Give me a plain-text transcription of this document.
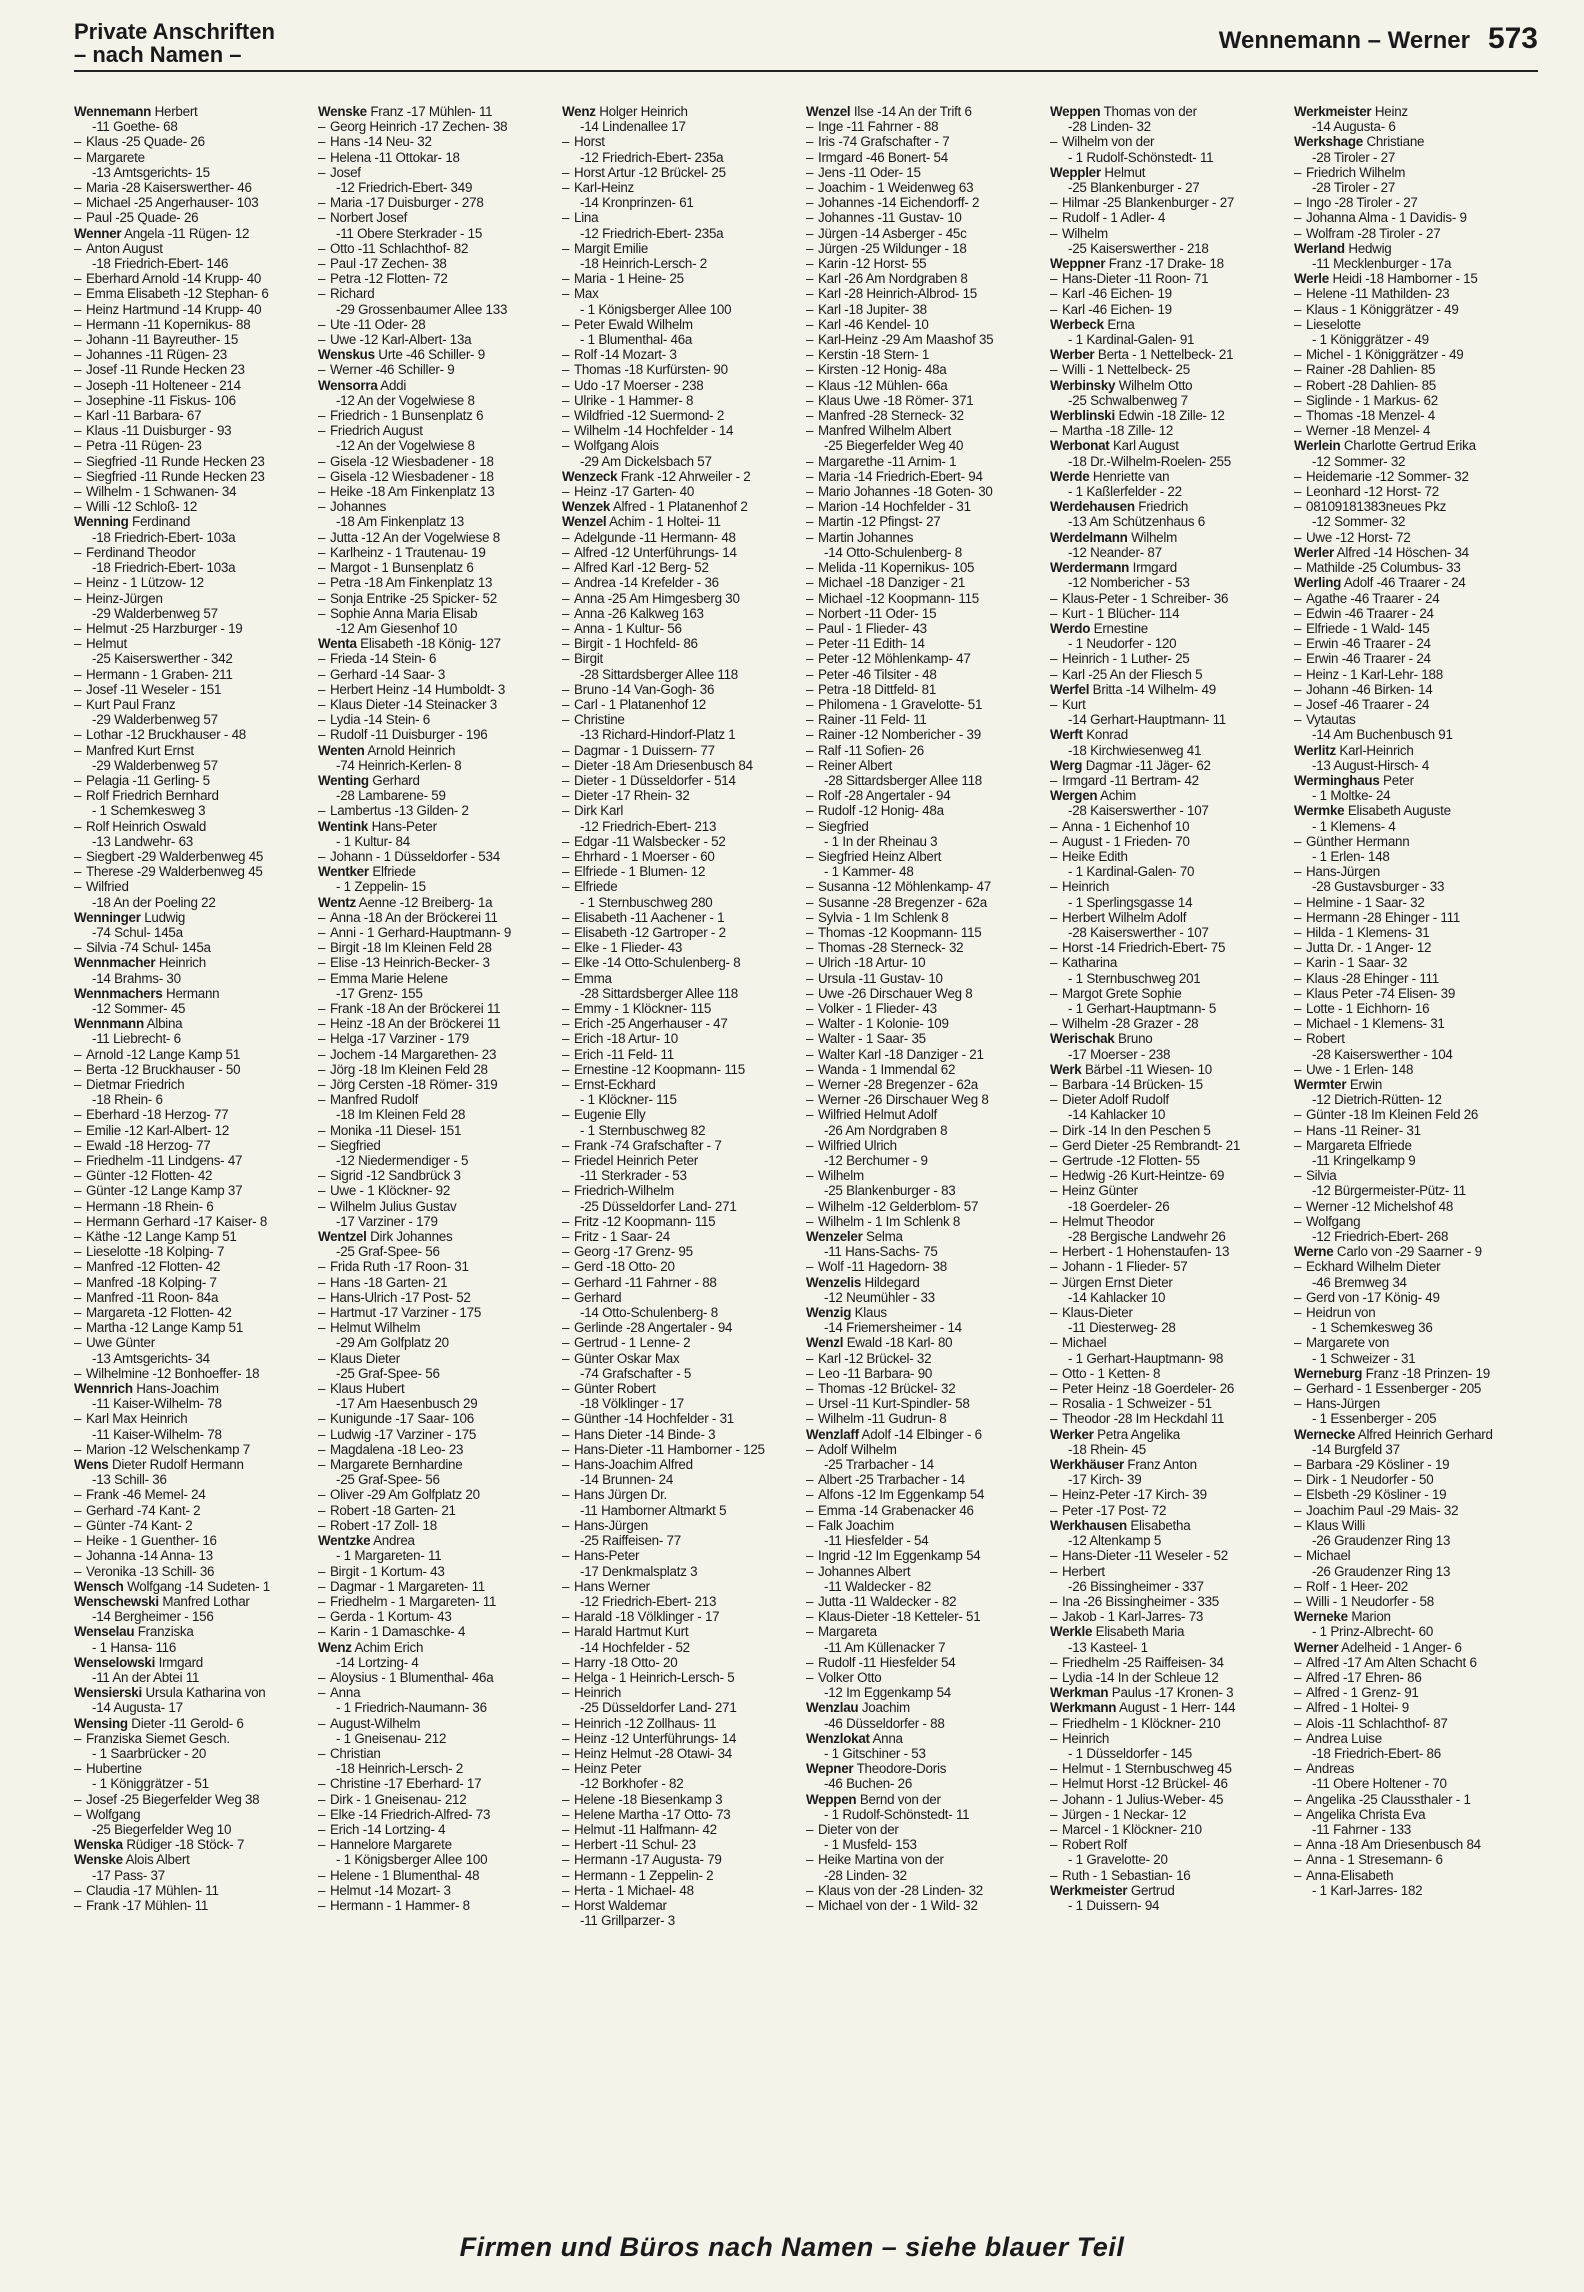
Private Anschriften
– nach Namen –
Wennemann – Werner 573
Wennemann Herbert
-11 Goethe- 68
– Klaus -25 Quade- 26
– Margarete
-13 Amtsgerichts- 15
– Maria -28 Kaiserswerther- 46
– Michael -25 Angerhauser- 103
– Paul -25 Quade- 26
Wenner Angela -11 Rügen- 12
– Anton August
-18 Friedrich-Ebert- 146
– Eberhard Arnold -14 Krupp- 40
– Emma Elisabeth -12 Stephan- 6
– Heinz Hartmund -14 Krupp- 40
– Hermann -11 Kopernikus- 88
– Johann -11 Bayreuther- 15
– Johannes -11 Rügen- 23
– Josef -11 Runde Hecken 23
– Joseph -11 Holteneer - 214
– Josephine -11 Fiskus- 106
– Karl -11 Barbara- 67
– Klaus -11 Duisburger - 93
– Petra -11 Rügen- 23
– Siegfried -11 Runde Hecken 23
– Siegfried -11 Runde Hecken 23
– Wilhelm - 1 Schwanen- 34
– Willi -12 Schloß- 12
Wenning Ferdinand
-18 Friedrich-Ebert- 103a
– Ferdinand Theodor
-18 Friedrich-Ebert- 103a
– Heinz - 1 Lützow- 12
– Heinz-Jürgen
-29 Walderbenweg 57
– Helmut -25 Harzburger - 19
– Helmut
-25 Kaiserswerther - 342
– Hermann - 1 Graben- 211
– Josef -11 Weseler - 151
– Kurt Paul Franz
-29 Walderbenweg 57
– Lothar -12 Bruckhauser - 48
– Manfred Kurt Ernst
-29 Walderbenweg 57
– Pelagia -11 Gerling- 5
– Rolf Friedrich Bernhard
- 1 Schemkesweg 3
– Rolf Heinrich Oswald
-13 Landwehr- 63
– Siegbert -29 Walderbenweg 45
– Therese -29 Walderbenweg 45
– Wilfried
-18 An der Poeling 22
Wenninger Ludwig
-74 Schul- 145a
– Silvia -74 Schul- 145a
Wennmacher Heinrich
-14 Brahms- 30
Wennmachers Hermann
-12 Sommer- 45
Wennmann Albina
-11 Liebrecht- 6
– Arnold -12 Lange Kamp 51
– Berta -12 Bruckhauser - 50
– Dietmar Friedrich
-18 Rhein- 6
– Eberhard -18 Herzog- 77
– Emilie -12 Karl-Albert- 12
– Ewald -18 Herzog- 77
– Friedhelm -11 Lindgens- 47
– Günter -12 Flotten- 42
– Günter -12 Lange Kamp 37
– Hermann -18 Rhein- 6
– Hermann Gerhard -17 Kaiser- 8
– Käthe -12 Lange Kamp 51
– Lieselotte -18 Kolping- 7
– Manfred -12 Flotten- 42
– Manfred -18 Kolping- 7
– Manfred -11 Roon- 84a
– Margareta -12 Flotten- 42
– Martha -12 Lange Kamp 51
– Uwe Günter
-13 Amtsgerichts- 34
– Wilhelmine -12 Bonhoeffer- 18
Wennrich Hans-Joachim
-11 Kaiser-Wilhelm- 78
– Karl Max Heinrich
-11 Kaiser-Wilhelm- 78
– Marion -12 Welschenkamp 7
Wens Dieter Rudolf Hermann
-13 Schill- 36
– Frank -46 Memel- 24
– Gerhard -74 Kant- 2
– Günter -74 Kant- 2
– Heike - 1 Guenther- 16
– Johanna -14 Anna- 13
– Veronika -13 Schill- 36
Wensch Wolfgang -14 Sudeten- 1
Wenschewski Manfred Lothar
-14 Bergheimer - 156
Wenselau Franziska
- 1 Hansa- 116
Wenselowski Irmgard
-11 An der Abtei 11
Wensierski Ursula Katharina von
-14 Augusta- 17
Wensing Dieter -11 Gerold- 6
– Franziska Siemet Gesch.
- 1 Saarbrücker - 20
– Hubertine
- 1 Königgrätzer - 51
– Josef -25 Biegerfelder Weg 38
– Wolfgang
-25 Biegerfelder Weg 10
Wenska Rüdiger -18 Stöck- 7
Wenske Alois Albert
-17 Pass- 37
– Claudia -17 Mühlen- 11
– Frank -17 Mühlen- 11
Wenske Franz -17 Mühlen- 11
– Georg Heinrich -17 Zechen- 38
– Hans -14 Neu- 32
– Helena -11 Ottokar- 18
– Josef
-12 Friedrich-Ebert- 349
– Maria -17 Duisburger - 278
– Norbert Josef
-11 Obere Sterkrader - 15
– Otto -11 Schlachthof- 82
– Paul -17 Zechen- 38
– Petra -12 Flotten- 72
– Richard
-29 Grossenbaumer Allee 133
– Ute -11 Oder- 28
– Uwe -12 Karl-Albert- 13a
Wenskus Urte -46 Schiller- 9
– Werner -46 Schiller- 9
Wensorra Addi
-12 An der Vogelwiese 8
– Friedrich - 1 Bunsenplatz 6
– Friedrich August
-12 An der Vogelwiese 8
– Gisela -12 Wiesbadener - 18
– Gisela -12 Wiesbadener - 18
– Heike -18 Am Finkenplatz 13
– Johannes
-18 Am Finkenplatz 13
– Jutta -12 An der Vogelwiese 8
– Karlheinz - 1 Trautenau- 19
– Margot - 1 Bunsenplatz 6
– Petra -18 Am Finkenplatz 13
– Sonja Entrike -25 Spicker- 52
– Sophie Anna Maria Elisab
-12 Am Giesenhof 10
Wenta Elisabeth -18 König- 127
– Frieda -14 Stein- 6
– Gerhard -14 Saar- 3
– Herbert Heinz -14 Humboldt- 3
– Klaus Dieter -14 Steinacker 3
– Lydia -14 Stein- 6
– Rudolf -11 Duisburger - 196
Wenten Arnold Heinrich
-74 Heinrich-Kerlen- 8
Wenting Gerhard
-28 Lambarene- 59
– Lambertus -13 Gilden- 2
Wentink Hans-Peter
- 1 Kultur- 84
– Johann - 1 Düsseldorfer - 534
Wentker Elfriede
- 1 Zeppelin- 15
Wentz Aenne -12 Breiberg- 1a
– Anna -18 An der Bröckerei 11
– Anni - 1 Gerhard-Hauptmann- 9
– Birgit -18 Im Kleinen Feld 28
– Elise -13 Heinrich-Becker- 3
– Emma Marie Helene
-17 Grenz- 155
– Frank -18 An der Bröckerei 11
– Heinz -18 An der Bröckerei 11
– Helga -17 Varziner - 179
– Jochem -14 Margarethen- 23
– Jörg -18 Im Kleinen Feld 28
– Jörg Cersten -18 Römer- 319
– Manfred Rudolf
-18 Im Kleinen Feld 28
– Monika -11 Diesel- 151
– Siegfried
-12 Niedermendiger - 5
– Sigrid -12 Sandbrück 3
– Uwe - 1 Klöckner- 92
– Wilhelm Julius Gustav
-17 Varziner - 179
Wentzel Dirk Johannes
-25 Graf-Spee- 56
– Frida Ruth -17 Roon- 31
– Hans -18 Garten- 21
– Hans-Ulrich -17 Post- 52
– Hartmut -17 Varziner - 175
– Helmut Wilhelm
-29 Am Golfplatz 20
– Klaus Dieter
-25 Graf-Spee- 56
– Klaus Hubert
-17 Am Haesenbusch 29
– Kunigunde -17 Saar- 106
– Ludwig -17 Varziner - 175
– Magdalena -18 Leo- 23
– Margarete Bernhardine
-25 Graf-Spee- 56
– Oliver -29 Am Golfplatz 20
– Robert -18 Garten- 21
– Robert -17 Zoll- 18
Wentzke Andrea
- 1 Margareten- 11
– Birgit - 1 Kortum- 43
– Dagmar - 1 Margareten- 11
– Friedhelm - 1 Margareten- 11
– Gerda - 1 Kortum- 43
– Karin - 1 Damaschke- 4
Wenz Achim Erich
-14 Lortzing- 4
– Aloysius - 1 Blumenthal- 46a
– Anna
- 1 Friedrich-Naumann- 36
– August-Wilhelm
- 1 Gneisenau- 212
– Christian
-18 Heinrich-Lersch- 2
– Christine -17 Eberhard- 17
– Dirk - 1 Gneisenau- 212
– Elke -14 Friedrich-Alfred- 73
– Erich -14 Lortzing- 4
– Hannelore Margarete
- 1 Königsberger Allee 100
– Helene - 1 Blumenthal- 48
– Helmut -14 Mozart- 3
– Hermann - 1 Hammer- 8
Wenz Holger Heinrich
-14 Lindenallee 17
– Horst
-12 Friedrich-Ebert- 235a
– Horst Artur -12 Brückel- 25
– Karl-Heinz
-14 Kronprinzen- 61
– Lina
-12 Friedrich-Ebert- 235a
– Margit Emilie
-18 Heinrich-Lersch- 2
– Maria - 1 Heine- 25
– Max
- 1 Königsberger Allee 100
– Peter Ewald Wilhelm
- 1 Blumenthal- 46a
– Rolf -14 Mozart- 3
– Thomas -18 Kurfürsten- 90
– Udo -17 Moerser - 238
– Ulrike - 1 Hammer- 8
– Wildfried -12 Suermond- 2
– Wilhelm -14 Hochfelder - 14
– Wolfgang Alois
-29 Am Dickelsbach 57
Wenzeck Frank -12 Ahrweiler - 2
– Heinz -17 Garten- 40
Wenzek Alfred - 1 Platanenhof 2
Wenzel Achim - 1 Holtei- 11
– Adelgunde -11 Hermann- 48
– Alfred -12 Unterführungs- 14
– Alfred Karl -12 Berg- 52
– Andrea -14 Krefelder - 36
– Anna -25 Am Himgesberg 30
– Anna -26 Kalkweg 163
– Anna - 1 Kultur- 56
– Birgit - 1 Hochfeld- 86
– Birgit
-28 Sittardsberger Allee 118
– Bruno -14 Van-Gogh- 36
– Carl - 1 Platanenhof 12
– Christine
-13 Richard-Hindorf-Platz 1
– Dagmar - 1 Duissern- 77
– Dieter -18 Am Driesenbusch 84
– Dieter - 1 Düsseldorfer - 514
– Dieter -17 Rhein- 32
– Dirk Karl
-12 Friedrich-Ebert- 213
– Edgar -11 Walsbecker - 52
– Ehrhard - 1 Moerser - 60
– Elfriede - 1 Blumen- 12
– Elfriede
- 1 Sternbuschweg 280
– Elisabeth -11 Aachener - 1
– Elisabeth -12 Gartroper - 2
– Elke - 1 Flieder- 43
– Elke -14 Otto-Schulenberg- 8
– Emma
-28 Sittardsberger Allee 118
– Emmy - 1 Klöckner- 115
– Erich -25 Angerhauser - 47
– Erich -18 Artur- 10
– Erich -11 Feld- 11
– Ernestine -12 Koopmann- 115
– Ernst-Eckhard
- 1 Klöckner- 115
– Eugenie Elly
- 1 Sternbuschweg 82
– Frank -74 Grafschafter - 7
– Friedel Heinrich Peter
-11 Sterkrader - 53
– Friedrich-Wilhelm
-25 Düsseldorfer Land- 271
– Fritz -12 Koopmann- 115
– Fritz - 1 Saar- 24
– Georg -17 Grenz- 95
– Gerd -18 Otto- 20
– Gerhard -11 Fahrner - 88
– Gerhard
-14 Otto-Schulenberg- 8
– Gerlinde -28 Angertaler - 94
– Gertrud - 1 Lenne- 2
– Günter Oskar Max
-74 Grafschafter - 5
– Günter Robert
-18 Völklinger - 17
– Günther -14 Hochfelder - 31
– Hans Dieter -14 Binde- 3
– Hans-Dieter -11 Hamborner - 125
– Hans-Joachim Alfred
-14 Brunnen- 24
– Hans Jürgen Dr.
-11 Hamborner Altmarkt 5
– Hans-Jürgen
-25 Raiffeisen- 77
– Hans-Peter
-17 Denkmalsplatz 3
– Hans Werner
-12 Friedrich-Ebert- 213
– Harald -18 Völklinger - 17
– Harald Hartmut Kurt
-14 Hochfelder - 52
– Harry -18 Otto- 20
– Helga - 1 Heinrich-Lersch- 5
– Heinrich
-25 Düsseldorfer Land- 271
– Heinrich -12 Zollhaus- 11
– Heinz -12 Unterführungs- 14
– Heinz Helmut -28 Otawi- 34
– Heinz Peter
-12 Borkhofer - 82
– Helene -18 Biesenkamp 3
– Helene Martha -17 Otto- 73
– Helmut -11 Halfmann- 42
– Herbert -11 Schul- 23
– Hermann -17 Augusta- 79
– Hermann - 1 Zeppelin- 2
– Herta - 1 Michael- 48
– Horst Waldemar
-11 Grillparzer- 3
Wenzel Ilse -14 An der Trift 6
– Inge -11 Fahrner - 88
– Iris -74 Grafschafter - 7
– Irmgard -46 Bonert- 54
– Jens -11 Oder- 15
– Joachim - 1 Weidenweg 63
– Johannes -14 Eichendorff- 2
– Johannes -11 Gustav- 10
– Jürgen -14 Asberger - 45c
– Jürgen -25 Wildunger - 18
– Karin -12 Horst- 55
– Karl -26 Am Nordgraben 8
– Karl -28 Heinrich-Albrod- 15
– Karl -18 Jupiter- 38
– Karl -46 Kendel- 10
– Karl-Heinz -29 Am Maashof 35
– Kerstin -18 Stern- 1
– Kirsten -12 Honig- 48a
– Klaus -12 Mühlen- 66a
– Klaus Uwe -18 Römer- 371
– Manfred -28 Sterneck- 32
– Manfred Wilhelm Albert
-25 Biegerfelder Weg 40
– Margarethe -11 Arnim- 1
– Maria -14 Friedrich-Ebert- 94
– Mario Johannes -18 Goten- 30
– Marion -14 Hochfelder - 31
– Martin -12 Pfingst- 27
– Martin Johannes
-14 Otto-Schulenberg- 8
– Melida -11 Kopernikus- 105
– Michael -18 Danziger - 21
– Michael -12 Koopmann- 115
– Norbert -11 Oder- 15
– Paul - 1 Flieder- 43
– Peter -11 Edith- 14
– Peter -12 Möhlenkamp- 47
– Peter -46 Tilsiter - 48
– Petra -18 Dittfeld- 81
– Philomena - 1 Gravelotte- 51
– Rainer -11 Feld- 11
– Rainer -12 Nombericher - 39
– Ralf -11 Sofien- 26
– Reiner Albert
-28 Sittardsberger Allee 118
– Rolf -28 Angertaler - 94
– Rudolf -12 Honig- 48a
– Siegfried
- 1 In der Rheinau 3
– Siegfried Heinz Albert
- 1 Kammer- 48
– Susanna -12 Möhlenkamp- 47
– Susanne -28 Bregenzer - 62a
– Sylvia - 1 Im Schlenk 8
– Thomas -12 Koopmann- 115
– Thomas -28 Sterneck- 32
– Ulrich -18 Artur- 10
– Ursula -11 Gustav- 10
– Uwe -26 Dirschauer Weg 8
– Volker - 1 Flieder- 43
– Walter - 1 Kolonie- 109
– Walter - 1 Saar- 35
– Walter Karl -18 Danziger - 21
– Wanda - 1 Immendal 62
– Werner -28 Bregenzer - 62a
– Werner -26 Dirschauer Weg 8
– Wilfried Helmut Adolf
-26 Am Nordgraben 8
– Wilfried Ulrich
-12 Berchumer - 9
– Wilhelm
-25 Blankenburger - 83
– Wilhelm -12 Gelderblom- 57
– Wilhelm - 1 Im Schlenk 8
Wenzeler Selma
-11 Hans-Sachs- 75
– Wolf -11 Hagedorn- 38
Wenzelis Hildegard
-12 Neumühler - 33
Wenzig Klaus
-14 Friemersheimer - 14
Wenzl Ewald -18 Karl- 80
– Karl -12 Brückel- 32
– Leo -11 Barbara- 90
– Thomas -12 Brückel- 32
– Ursel -11 Kurt-Spindler- 58
– Wilhelm -11 Gudrun- 8
Wenzlaff Adolf -14 Elbinger - 6
– Adolf Wilhelm
-25 Trarbacher - 14
– Albert -25 Trarbacher - 14
– Alfons -12 Im Eggenkamp 54
– Emma -14 Grabenacker 46
– Falk Joachim
-11 Hiesfelder - 54
– Ingrid -12 Im Eggenkamp 54
– Johannes Albert
-11 Waldecker - 82
– Jutta -11 Waldecker - 82
– Klaus-Dieter -18 Ketteler- 51
– Margareta
-11 Am Küllenacker 7
– Rudolf -11 Hiesfelder 54
– Volker Otto
-12 Im Eggenkamp 54
Wenzlau Joachim
-46 Düsseldorfer - 88
Wenzlokat Anna
- 1 Gitschiner - 53
Wepner Theodore-Doris
-46 Buchen- 26
Weppen Bernd von der
- 1 Rudolf-Schönstedt- 11
– Dieter von der
- 1 Musfeld- 153
– Heike Martina von der
-28 Linden- 32
– Klaus von der -28 Linden- 32
– Michael von der - 1 Wild- 32
Weppen Thomas von der
-28 Linden- 32
– Wilhelm von der
- 1 Rudolf-Schönstedt- 11
Weppler Helmut
-25 Blankenburger - 27
– Hilmar -25 Blankenburger - 27
– Rudolf - 1 Adler- 4
– Wilhelm
-25 Kaiserswerther - 218
Weppner Franz -17 Drake- 18
– Hans-Dieter -11 Roon- 71
– Karl -46 Eichen- 19
– Karl -46 Eichen- 19
Werbeck Erna
- 1 Kardinal-Galen- 91
Werber Berta - 1 Nettelbeck- 21
– Willi - 1 Nettelbeck- 25
Werbinsky Wilhelm Otto
-25 Schwalbenweg 7
Werblinski Edwin -18 Zille- 12
– Martha -18 Zille- 12
Werbonat Karl August
-18 Dr.-Wilhelm-Roelen- 255
Werde Henriette van
- 1 Kaßlerfelder - 22
Werdehausen Friedrich
-13 Am Schützenhaus 6
Werdelmann Wilhelm
-12 Neander- 87
Werdermann Irmgard
-12 Nombericher - 53
– Klaus-Peter - 1 Schreiber- 36
– Kurt - 1 Blücher- 114
Werdo Ernestine
- 1 Neudorfer - 120
– Heinrich - 1 Luther- 25
– Karl -25 An der Fliesch 5
Werfel Britta -14 Wilhelm- 49
– Kurt
-14 Gerhart-Hauptmann- 11
Werft Konrad
-18 Kirchwiesenweg 41
Werg Dagmar -11 Jäger- 62
– Irmgard -11 Bertram- 42
Wergen Achim
-28 Kaiserswerther - 107
– Anna - 1 Eichenhof 10
– August - 1 Frieden- 70
– Heike Edith
- 1 Kardinal-Galen- 70
– Heinrich
- 1 Sperlingsgasse 14
– Herbert Wilhelm Adolf
-28 Kaiserswerther - 107
– Horst -14 Friedrich-Ebert- 75
– Katharina
- 1 Sternbuschweg 201
– Margot Grete Sophie
- 1 Gerhart-Hauptmann- 5
– Wilhelm -28 Grazer - 28
Werischak Bruno
-17 Moerser - 238
Werk Bärbel -11 Wiesen- 10
– Barbara -14 Brücken- 15
– Dieter Adolf Rudolf
-14 Kahlacker 10
– Dirk -14 In den Peschen 5
– Gerd Dieter -25 Rembrandt- 21
– Gertrude -12 Flotten- 55
– Hedwig -26 Kurt-Heintze- 69
– Heinz Günter
-18 Goerdeler- 26
– Helmut Theodor
-28 Bergische Landwehr 26
– Herbert - 1 Hohenstaufen- 13
– Johann - 1 Flieder- 57
– Jürgen Ernst Dieter
-14 Kahlacker 10
– Klaus-Dieter
-11 Diesterweg- 28
– Michael
- 1 Gerhart-Hauptmann- 98
– Otto - 1 Ketten- 8
– Peter Heinz -18 Goerdeler- 26
– Rosalia - 1 Schweizer - 51
– Theodor -28 Im Heckdahl 11
Werker Petra Angelika
-18 Rhein- 45
Werkhäuser Franz Anton
-17 Kirch- 39
– Heinz-Peter -17 Kirch- 39
– Peter -17 Post- 72
Werkhausen Elisabetha
-12 Altenkamp 5
– Hans-Dieter -11 Weseler - 52
– Herbert
-26 Bissingheimer - 337
– Ina -26 Bissingheimer - 335
– Jakob - 1 Karl-Jarres- 73
Werkle Elisabeth Maria
-13 Kasteel- 1
– Friedhelm -25 Raiffeisen- 34
– Lydia -14 In der Schleue 12
Werkman Paulus -17 Kronen- 3
Werkmann August - 1 Herr- 144
– Friedhelm - 1 Klöckner- 210
– Heinrich
- 1 Düsseldorfer - 145
– Helmut - 1 Sternbuschweg 45
– Helmut Horst -12 Brückel- 46
– Johann - 1 Julius-Weber- 45
– Jürgen - 1 Neckar- 12
– Marcel - 1 Klöckner- 210
– Robert Rolf
- 1 Gravelotte- 20
– Ruth - 1 Sebastian- 16
Werkmeister Gertrud
- 1 Duissern- 94
Werkmeister Heinz
-14 Augusta- 6
Werkshage Christiane
-28 Tiroler - 27
– Friedrich Wilhelm
-28 Tiroler - 27
– Ingo -28 Tiroler - 27
– Johanna Alma - 1 Davidis- 9
– Wolfram -28 Tiroler - 27
Werland Hedwig
-11 Mecklenburger - 17a
Werle Heidi -18 Hamborner - 15
– Helene -11 Mathilden- 23
– Klaus - 1 Königgrätzer - 49
– Lieselotte
- 1 Königgrätzer - 49
– Michel - 1 Königgrätzer - 49
– Rainer -28 Dahlien- 85
– Robert -28 Dahlien- 85
– Siglinde - 1 Markus- 62
– Thomas -18 Menzel- 4
– Werner -18 Menzel- 4
Werlein Charlotte Gertrud Erika
-12 Sommer- 32
– Heidemarie -12 Sommer- 32
– Leonhard -12 Horst- 72
– 0810918138Зneues Pkz
-12 Sommer- 32
– Uwe -12 Horst- 72
Werler Alfred -14 Höschen- 34
– Mathilde -25 Columbus- 33
Werling Adolf -46 Traarer - 24
– Agathe -46 Traarer - 24
– Edwin -46 Traarer - 24
– Elfriede - 1 Wald- 145
– Erwin -46 Traarer - 24
– Erwin -46 Traarer - 24
– Heinz - 1 Karl-Lehr- 188
– Johann -46 Birken- 14
– Josef -46 Traarer - 24
– Vytautas
-14 Am Buchenbusch 91
Werlitz Karl-Heinrich
-13 August-Hirsch- 4
Werminghaus Peter
- 1 Moltke- 24
Wermke Elisabeth Auguste
- 1 Klemens- 4
– Günther Hermann
- 1 Erlen- 148
– Hans-Jürgen
-28 Gustavsburger - 33
– Helmine - 1 Saar- 32
– Hermann -28 Ehinger - 111
– Hilda - 1 Klemens- 31
– Jutta Dr. - 1 Anger- 12
– Karin - 1 Saar- 32
– Klaus -28 Ehinger - 111
– Klaus Peter -74 Elisen- 39
– Lotte - 1 Eichhorn- 16
– Michael - 1 Klemens- 31
– Robert
-28 Kaiserswerther - 104
– Uwe - 1 Erlen- 148
Wermter Erwin
-12 Dietrich-Rütten- 12
– Günter -18 Im Kleinen Feld 26
– Hans -11 Reiner- 31
– Margareta Elfriede
-11 Kringelkamp 9
– Silvia
-12 Bürgermeister-Pütz- 11
– Werner -12 Michelshof 48
– Wolfgang
-12 Friedrich-Ebert- 268
Werne Carlo von -29 Saarner - 9
– Eckhard Wilhelm Dieter
-46 Bremweg 34
– Gerd von -17 König- 49
– Heidrun von
- 1 Schemkesweg 36
– Margarete von
- 1 Schweizer - 31
Werneburg Franz -18 Prinzen- 19
– Gerhard - 1 Essenberger - 205
– Hans-Jürgen
- 1 Essenberger - 205
Wernecke Alfred Heinrich Gerhard
-14 Burgfeld 37
– Barbara -29 Kösliner - 19
– Dirk - 1 Neudorfer - 50
– Elsbeth -29 Kösliner - 19
– Joachim Paul -29 Mais- 32
– Klaus Willi
-26 Graudenzer Ring 13
– Michael
-26 Graudenzer Ring 13
– Rolf - 1 Heer- 202
– Willi - 1 Neudorfer - 58
Werneke Marion
- 1 Prinz-Albrecht- 60
Werner Adelheid - 1 Anger- 6
– Alfred -17 Am Alten Schacht 6
– Alfred -17 Ehren- 86
– Alfred - 1 Grenz- 91
– Alfred - 1 Holtei- 9
– Alois -11 Schlachthof- 87
– Andrea Luise
-18 Friedrich-Ebert- 86
– Andreas
-11 Obere Holtener - 70
– Angelika -25 Claussthaler - 1
– Angelika Christa Eva
-11 Fahrner - 133
– Anna -18 Am Driesenbusch 84
– Anna - 1 Stresemann- 6
– Anna-Elisabeth
- 1 Karl-Jarres- 182
Firmen und Büros nach Namen – siehe blauer Teil
